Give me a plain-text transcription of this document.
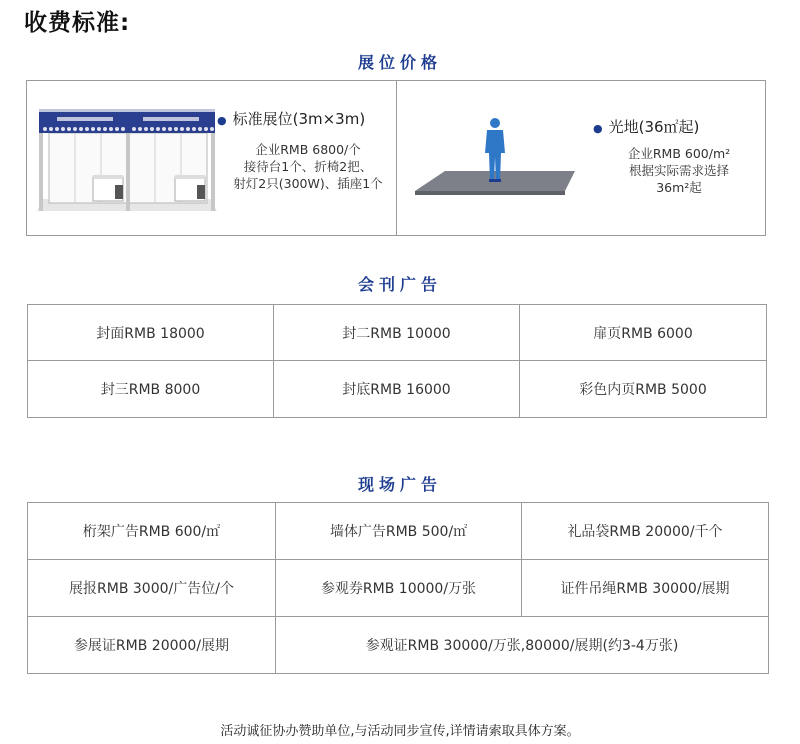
收费标准:
展位价格
● 标准展位(3m×3m)
企业RMB 6800/个
接待台1个、折椅2把、
射灯2只(300W)、插座1个
● 光地(36㎡起)
企业RMB 600/m²
根据实际需求选择
36m²起
会刊广告
封面RMB 18000	封二RMB 10000	扉页RMB 6000
封三RMB 8000	封底RMB 16000	彩色内页RMB 5000
现场广告
桁架广告RMB 600/㎡	墙体广告RMB 500/㎡	礼品袋RMB 20000/千个
展报RMB 3000/广告位/个	参观券RMB 10000/万张	证件吊绳RMB 30000/展期
参展证RMB 20000/展期	参观证RMB 30000/万张,80000/展期(约3-4万张)	
活动诚征协办赞助单位,与活动同步宣传,详情请索取具体方案。
